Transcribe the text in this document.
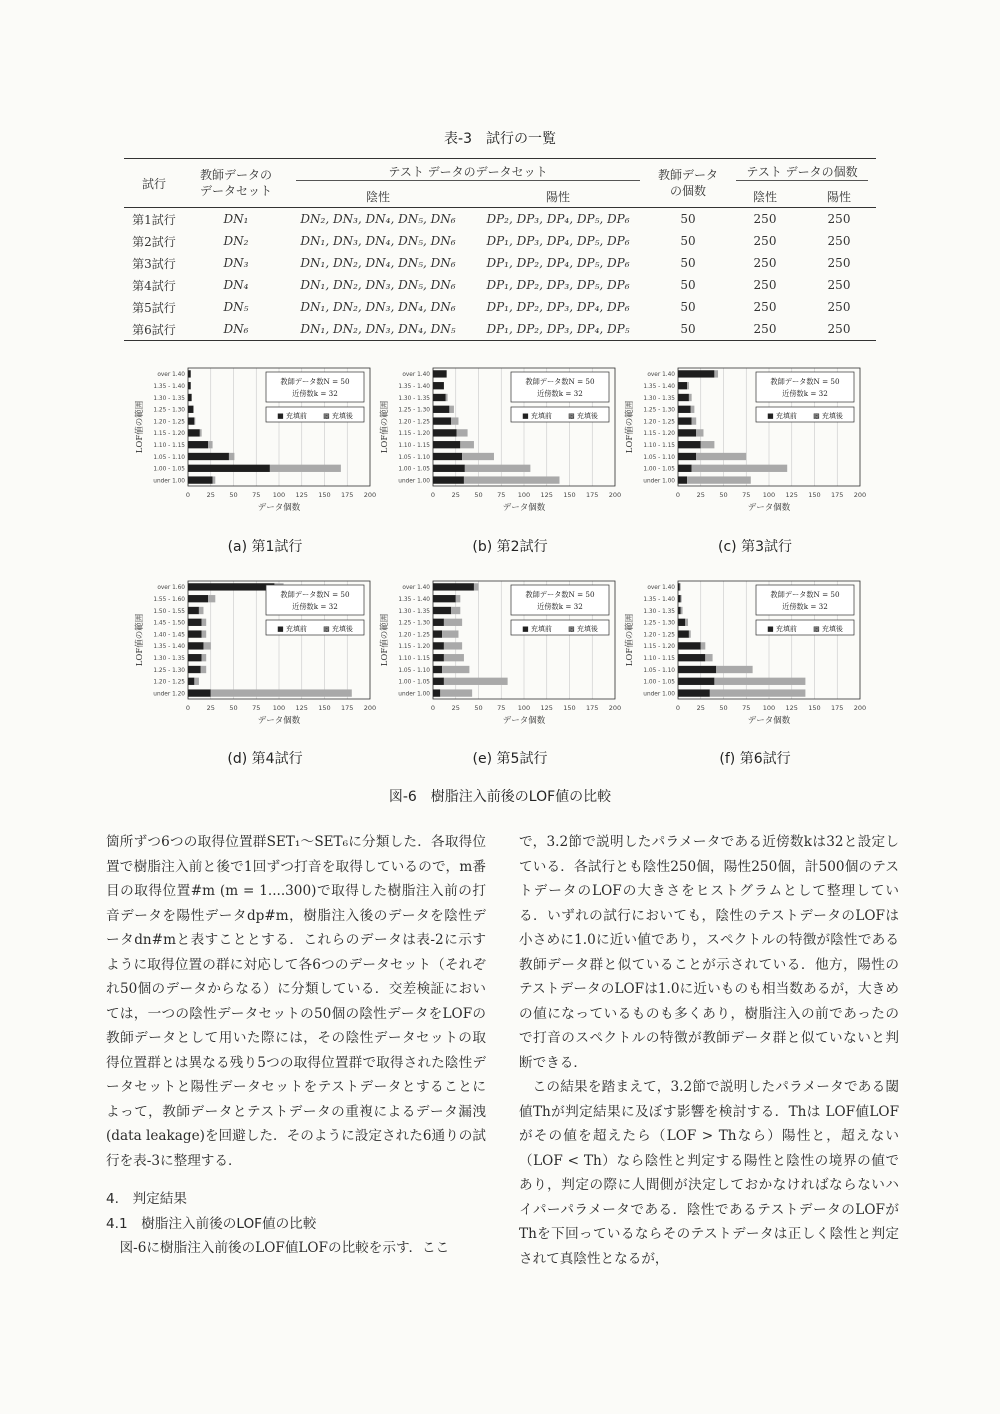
表-3　試行の一覧
試行	教師データの
データセット	テスト データのデータセット		教師データ
の個数	テスト データの個数	

		陰性	陽性		陰性	陽性
第1試行	DN₁	DN₂, DN₃, DN₄, DN₅, DN₆	DP₂, DP₃, DP₄, DP₅, DP₆	50	250	250
第2試行	DN₂	DN₁, DN₃, DN₄, DN₅, DN₆	DP₁, DP₃, DP₄, DP₅, DP₆	50	250	250
第3試行	DN₃	DN₁, DN₂, DN₄, DN₅, DN₆	DP₁, DP₂, DP₄, DP₅, DP₆	50	250	250
第4試行	DN₄	DN₁, DN₂, DN₃, DN₅, DN₆	DP₁, DP₂, DP₃, DP₅, DP₆	50	250	250
第5試行	DN₅	DN₁, DN₂, DN₃, DN₄, DN₆	DP₁, DP₂, DP₃, DP₄, DP₆	50	250	250
第6試行	DN₆	DN₁, DN₂, DN₃, DN₄, DN₅	DP₁, DP₂, DP₃, DP₄, DP₅	50	250	250
0	25 50 75 100 125 150 175 200
over 1.40
1.35 - 1.40
1.30 - 1.35
1.25 - 1.30
1.20 - 1.25
1.15 - 1.20
1.10 - 1.15
1.05 - 1.10
1.00 - 1.05
under 1.00
LOF値の範囲
データ個数
教師データ数N = 50
近傍数k = 32
■ 充填前 ▩ 充填後
0	25 50 75 100 125 150 175 200
over 1.40
1.35 - 1.40
1.30 - 1.35
1.25 - 1.30
1.20 - 1.25
1.15 - 1.20
1.10 - 1.15
1.05 - 1.10
1.00 - 1.05
under 1.00
LOF値の範囲
データ個数
教師データ数N = 50
近傍数k = 32
■ 充填前 ▩ 充填後
0	25 50 75 100 125 150 175 200
over 1.40
1.35 - 1.40
1.30 - 1.35
1.25 - 1.30
1.20 - 1.25
1.15 - 1.20
1.10 - 1.15
1.05 - 1.10
1.00 - 1.05
under 1.00
LOF値の範囲
データ個数
教師データ数N = 50
近傍数k = 32
■ 充填前 ▩ 充填後
0	25 50 75 100 125 150 175 200
over 1.60
1.55 - 1.60
1.50 - 1.55
1.45 - 1.50
1.40 - 1.45
1.35 - 1.40
1.30 - 1.35
1.25 - 1.30
1.20 - 1.25
under 1.20
LOF値の範囲
データ個数
教師データ数N = 50
近傍数k = 32
■ 充填前 ▩ 充填後
0	25 50 75 100 125 150 175 200
over 1.40
1.35 - 1.40
1.30 - 1.35
1.25 - 1.30
1.20 - 1.25
1.15 - 1.20
1.10 - 1.15
1.05 - 1.10
1.00 - 1.05
under 1.00
LOF値の範囲
データ個数
教師データ数N = 50
近傍数k = 32
■ 充填前 ▩ 充填後
0	25 50 75 100 125 150 175 200
over 1.40
1.35 - 1.40
1.30 - 1.35
1.25 - 1.30
1.20 - 1.25
1.15 - 1.20
1.10 - 1.15
1.05 - 1.10
1.00 - 1.05
under 1.00
LOF値の範囲
データ個数
教師データ数N = 50
近傍数k = 32
■ 充填前 ▩ 充填後
(a) 第1試行	(b) 第2試行	(c) 第3試行
(d) 第4試行	(e) 第5試行	(f) 第6試行
図-6　樹脂注入前後のLOF値の比較

箇所ずつ6つの取得位置群SET₁〜SET₆に分類した．各取得位置で樹脂注入前と後で1回ずつ打音を取得しているので，m番目の取得位置#m (m = 1....300)で取得した樹脂注入前の打音データを陽性データdp#m，樹脂注入後のデータを陰性データdn#mと表すこととする．これらのデータは表-2に示すように取得位置の群に対応して各6つのデータセット（それぞれ50個のデータからなる）に分類している．交差検証においては，一つの陰性データセットの50個の陰性データをLOFの教師データとして用いた際には，その陰性データセットの取得位置群とは異なる残り5つの取得位置群で取得された陰性データセットと陽性データセットをテストデータとすることによって，教師データとテストデータの重複によるデータ漏洩(data leakage)を回避した．そのように設定された6通りの試行を表-3に整理する．

4.　判定結果
4.1　樹脂注入前後のLOF値の比較

図-6に樹脂注入前後のLOF値LOFの比較を示す．ここ

で，3.2節で説明したパラメータである近傍数kは32と設定している．各試行とも陰性250個，陽性250個，計500個のテストデータのLOFの大きさをヒストグラムとして整理している．いずれの試行においても，陰性のテストデータのLOFは小さめに1.0に近い値であり，スペクトルの特徴が陰性である教師データ群と似ていることが示されている．他方，陽性のテストデータのLOFは1.0に近いものも相当数あるが，大きめの値になっているものも多くあり，樹脂注入の前であったので打音のスペクトルの特徴が教師データ群と似ていないと判断できる．

この結果を踏まえて，3.2節で説明したパラメータである閾値Thが判定結果に及ぼす影響を検討する．Thは LOF値LOFがその値を超えたら（LOF > Thなら）陽性と，超えない（LOF < Th）なら陰性と判定する陽性と陰性の境界の値であり，判定の際に人間側が決定しておかなければならないハイパーパラメータである．陰性であるテストデータのLOFがThを下回っているならそのテストデータは正しく陰性と判定されて真陰性となるが，
